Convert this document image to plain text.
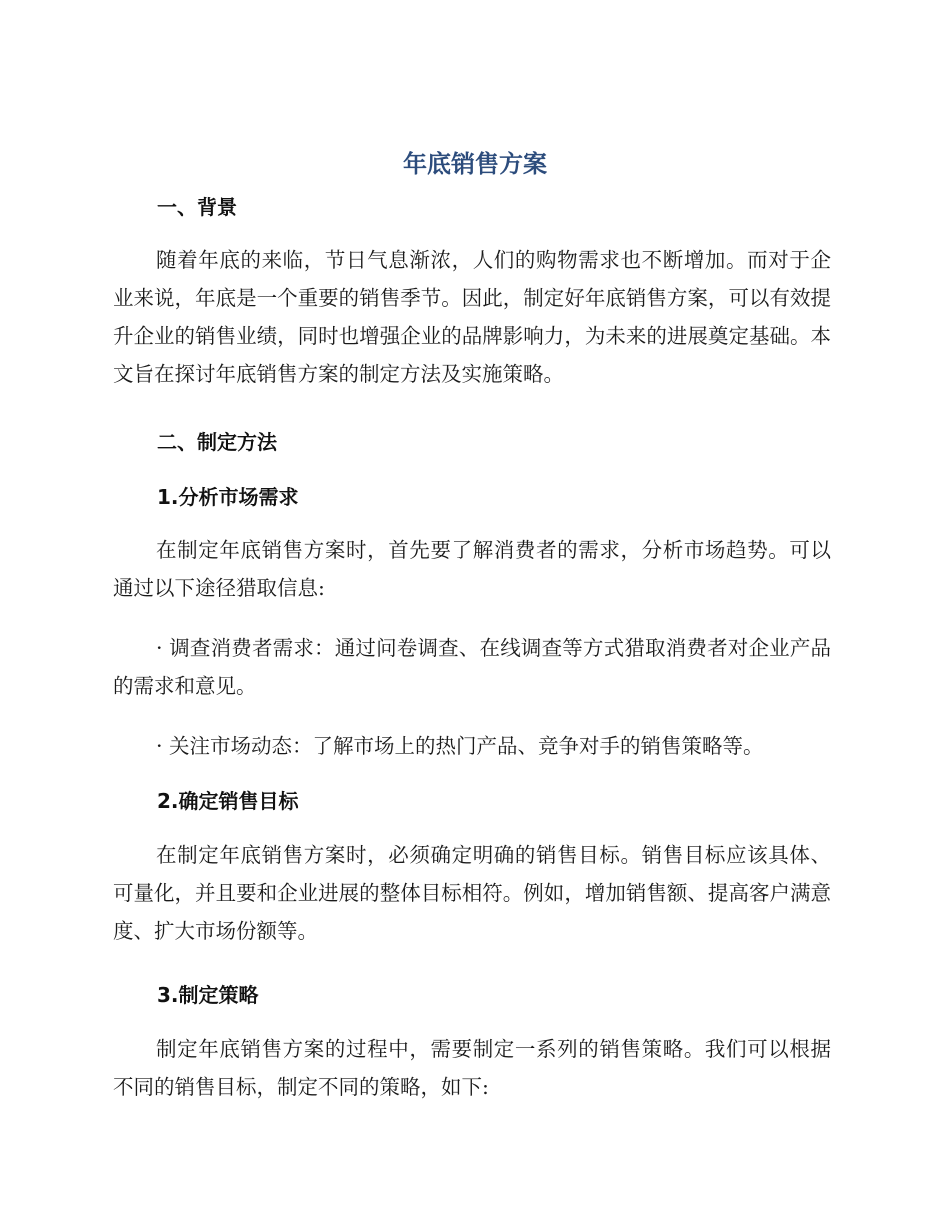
年底销售方案
一、背景
随着年底的来临，节日气息渐浓，人们的购物需求也不断增加。而对于企业来说，年底是一个重要的销售季节。因此，制定好年底销售方案，可以有效提升企业的销售业绩，同时也增强企业的品牌影响力，为未来的进展奠定基础。本文旨在探讨年底销售方案的制定方法及实施策略。
二、制定方法
1.分析市场需求
在制定年底销售方案时，首先要了解消费者的需求，分析市场趋势。可以通过以下途径猎取信息:
· 调查消费者需求：通过问卷调查、在线调查等方式猎取消费者对企业产品的需求和意见。
· 关注市场动态：了解市场上的热门产品、竞争对手的销售策略等。
2.确定销售目标
在制定年底销售方案时，必须确定明确的销售目标。销售目标应该具体、可量化，并且要和企业进展的整体目标相符。例如，增加销售额、提高客户满意度、扩大市场份额等。
3.制定策略
制定年底销售方案的过程中，需要制定一系列的销售策略。我们可以根据不同的销售目标，制定不同的策略，如下:
